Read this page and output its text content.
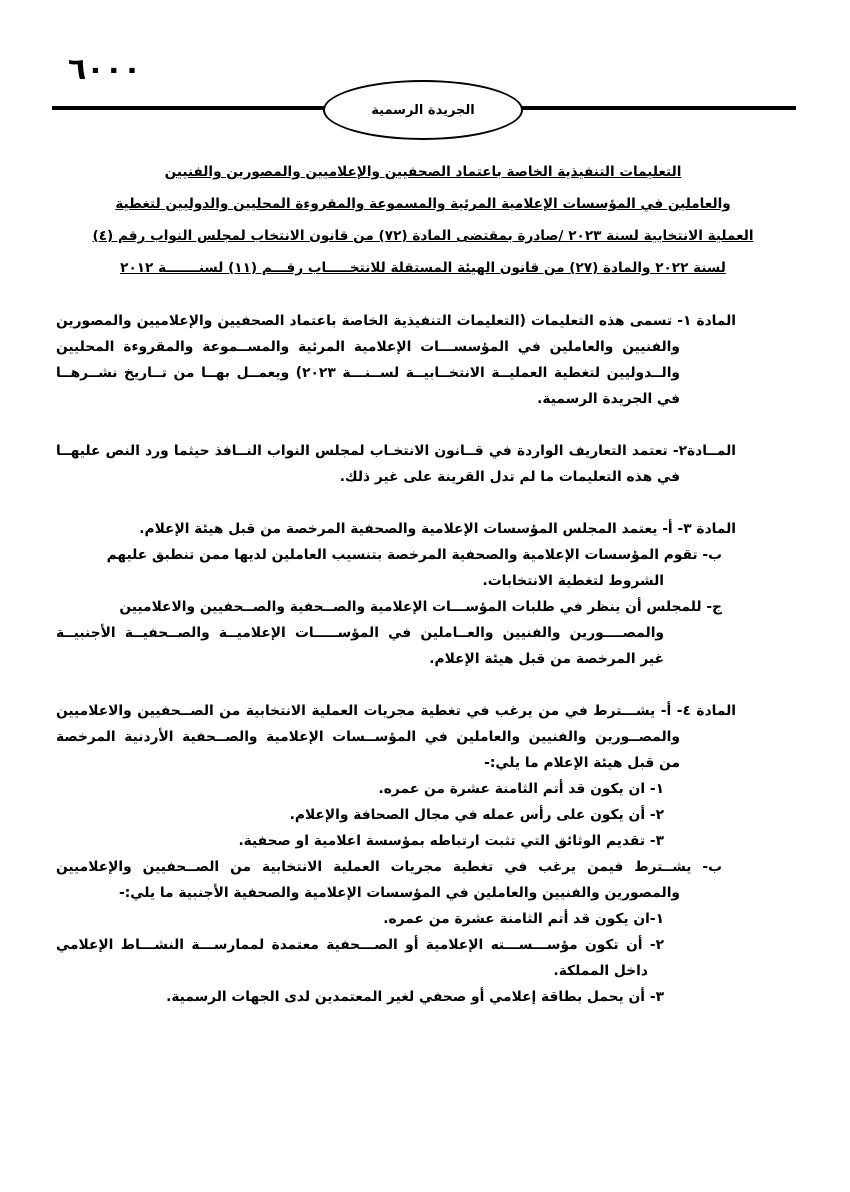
٦٠٠٠
الجريدة الرسمية
التعليمات التنفيذية الخاصة باعتماد الصحفيين والإعلاميين والمصورين والفنيين
والعاملين في المؤسسات الإعلامية المرئية والمسموعة والمقروءة المحليين والدوليين لتغطية
العملية الانتخابية لسنة ٢٠٢٣ /صادرة بمقتضى المادة (٧٢) من قانون الانتخاب لمجلس النواب رقم (٤)
لسنة ٢٠٢٢ والمادة (٢٧) من قانون الهيئة المستقلة للانتخـــــاب رقـــم (١١) لسنـــــــة ٢٠١٢
المادة ١- تسمى هذه التعليمات (التعليمات التنفيذية الخاصة باعتماد الصحفيين والإعلاميين والمصورين
والفنيين والعاملين في المؤسســـات الإعلامية المرئية والمســموعة والمقروءة المحليين
والــدوليين لتغطية العمليــة الانتخــابيــة لســنـــة ٢٠٢٣) ويعمــل بهــا من تــاريخ نشــرهــا
في الجريدة الرسمية.
المــادة٢- تعتمد التعاريف الواردة في قــانون الانتخـاب لمجلس النواب النــافذ حيثما ورد النص عليهــا
في هذه التعليمات ما لم تدل القرينة على غير ذلك.
المادة ٣- أ- يعتمد المجلس المؤسسات الإعلامية والصحفية المرخصة من قبل هيئة الإعلام.
ب- تقوم المؤسسات الإعلامية والصحفية المرخصة بتنسيب العاملين لديها ممن تنطبق عليهم
الشروط لتغطية الانتخابات.
ج- للمجلس أن ينظر في طلبات المؤســـات الإعلامية والصــحفية والصــحفيين والاعلاميين
والمصــــورين والفنيين والعــاملين في المؤســـــات الإعلاميــة والصــحفيــة الأجنبيــة
غير المرخصة من قبل هيئة الإعلام.
المادة ٤- أ- يشـــترط في من يرغب في تغطية مجريات العملية الانتخابية من الصــحفيين والاعلاميين
والمصــورين والفنيين والعاملين في المؤســسات الإعلامية والصــحفية الأردنية المرخصة
من قبل هيئة الإعلام ما يلي:-
١- ان يكون قد أتم الثامنة عشرة من عمره.
٢- أن يكون على رأس عمله في مجال الصحافة والإعلام.
٣- تقديم الوثائق التي تثبت ارتباطه بمؤسسة اعلامية او صحفية.
ب- يشــترط فيمن يرغب في تغطية مجريات العملية الانتخابية من الصــحفيين والإعلاميين
والمصورين والفنيين والعاملين في المؤسسات الإعلامية والصحفية الأجنبية ما يلي:-
١-ان يكون قد أتم الثامنة عشرة من عمره.
٢- أن تكون مؤســـســـته الإعلامية أو الصـــحفية معتمدة لممارســـة النشـــاط الإعلامي
داخل المملكة.
٣- أن يحمل بطاقة إعلامي أو صحفي لغير المعتمدين لدى الجهات الرسمية.
